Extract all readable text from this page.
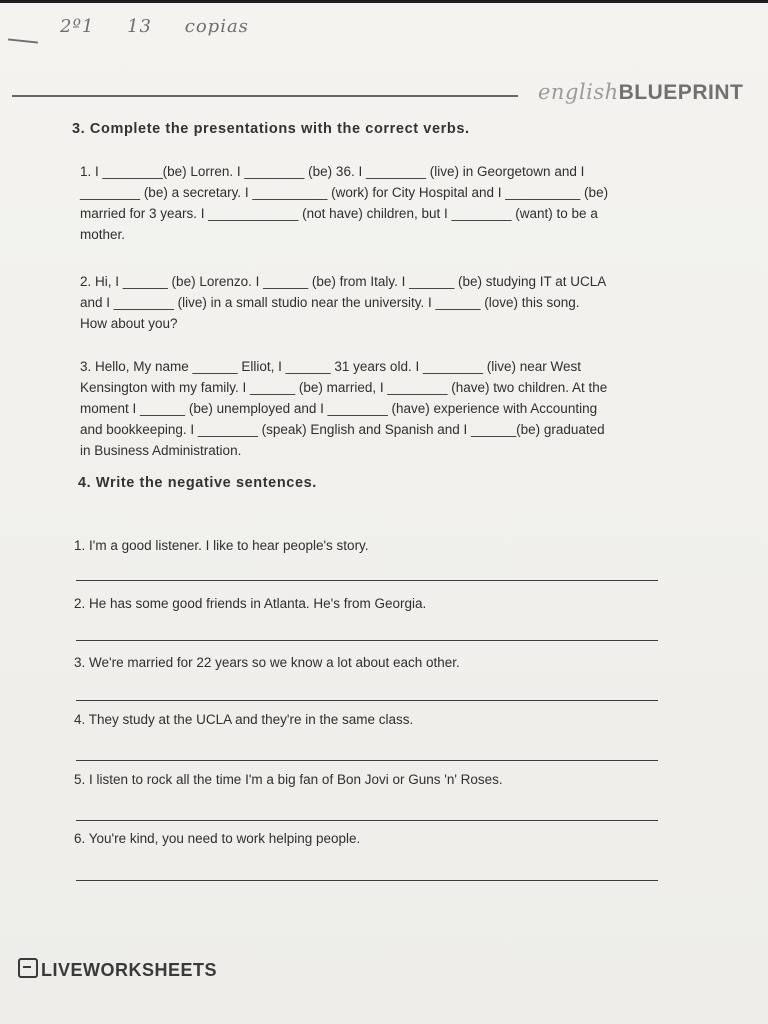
2º1 13 copias
englishBLUEPRINT
3. Complete the presentations with the correct verbs.

1. I ________(be) Lorren. I ________ (be) 36. I ________ (live) in Georgetown and I

________ (be) a secretary. I __________ (work) for City Hospital and I __________ (be)

married for 3 years. I ____________ (not have) children, but I ________ (want) to be a

mother.

2. Hi, I ______ (be) Lorenzo. I ______ (be) from Italy. I ______ (be) studying IT at UCLA

and I ________ (live) in a small studio near the university. I ______ (love) this song.

How about you?

3. Hello, My name ______ Elliot, I ______ 31 years old. I ________ (live) near West

Kensington with my family. I ______ (be) married, I ________ (have) two children. At the

moment I ______ (be) unemployed and I ________ (have) experience with Accounting

and bookkeeping. I ________ (speak) English and Spanish and I ______(be) graduated

in Business Administration.

4. Write the negative sentences.
1. I'm a good listener. I like to hear people's story.
2. He has some good friends in Atlanta. He's from Georgia.
3. We're married for 22 years so we know a lot about each other.
4. They study at the UCLA and they're in the same class.
5. I listen to rock all the time I'm a big fan of Bon Jovi or Guns 'n' Roses.
6. You're kind, you need to work helping people.
LIVEWORKSHEETS
